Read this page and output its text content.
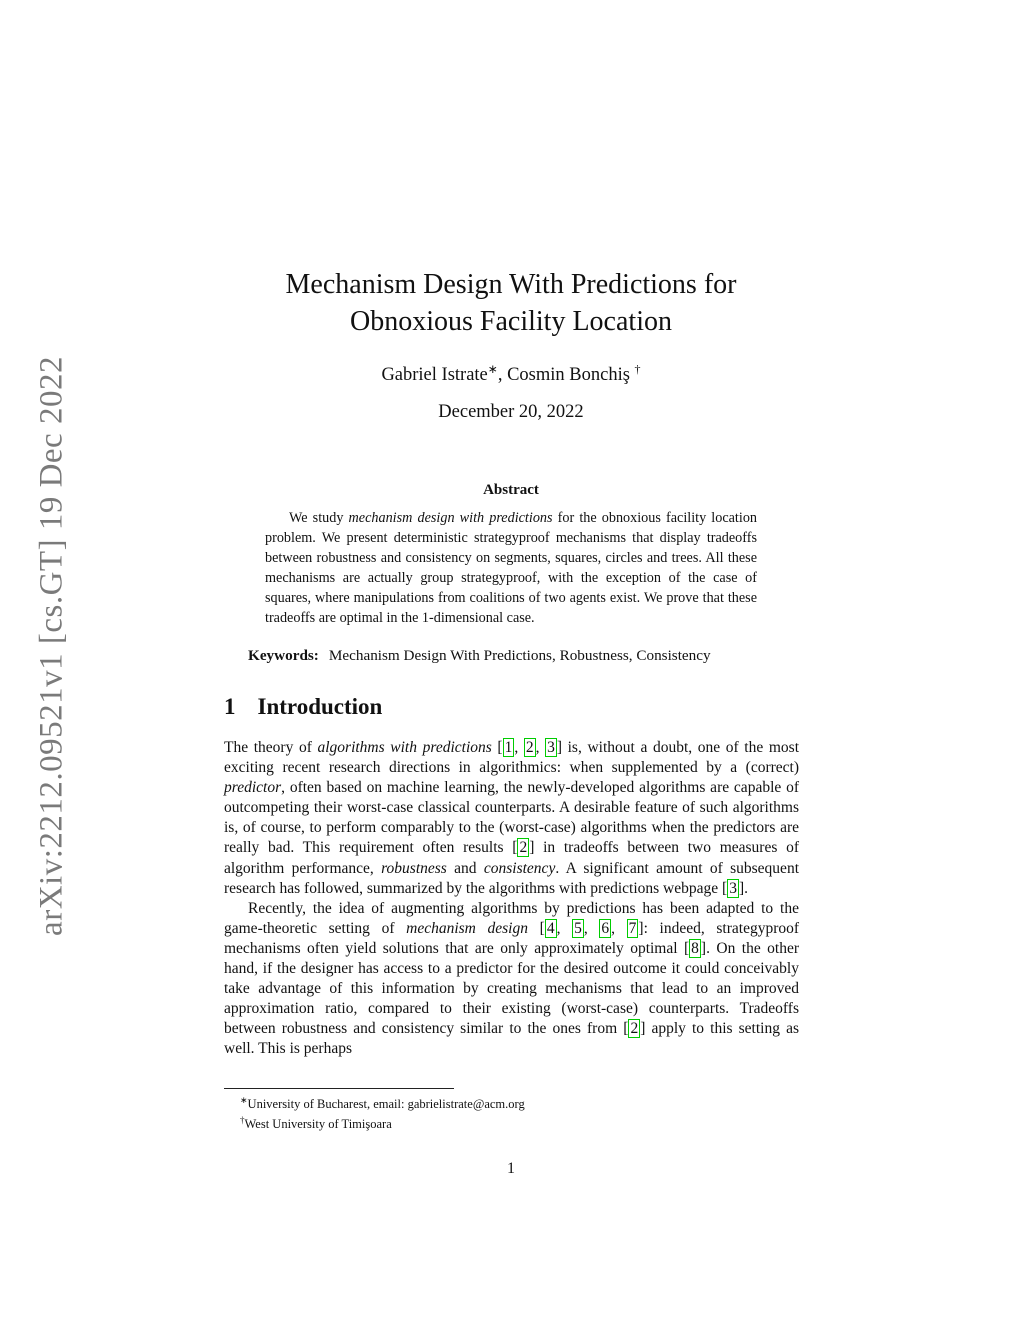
arXiv:2212.09521v1 [cs.GT] 19 Dec 2022
Mechanism Design With Predictions for
Obnoxious Facility Location
Gabriel Istrate∗, Cosmin Bonchiş †
December 20, 2022
Abstract

We study mechanism design with predictions for the obnoxious facility location problem. We present deterministic strategyproof mechanisms that display tradeoffs between robustness and consistency on segments, squares, circles and trees. All these mechanisms are actually group strategyproof, with the exception of the case of squares, where manipulations from coalitions of two agents exist. We prove that these tradeoffs are optimal in the 1-dimensional case.

Keywords: Mechanism Design With Predictions, Robustness, Consistency
1 Introduction

The theory of algorithms with predictions [ 1 , 2 , 3 ] is, without a doubt, one of the most exciting recent research directions in algorithmics: when supplemented by a (correct) predictor, often based on machine learning, the newly-developed algorithms are capable of outcompeting their worst-case classical counterparts. A desirable feature of such algorithms is, of course, to perform comparably to the (worst-case) algorithms when the predictors are really bad. This requirement often results [ 2 ] in tradeoffs between two measures of algorithm performance, robustness and consistency. A significant amount of subsequent research has followed, summarized by the algorithms with predictions webpage [ 3 ].

Recently, the idea of augmenting algorithms by predictions has been adapted to the game-theoretic setting of mechanism design [ 4 , 5 , 6 , 7 ]: indeed, strategyproof mechanisms often yield solutions that are only approximately optimal [ 8 ]. On the other hand, if the designer has access to a predictor for the desired outcome it could conceivably take advantage of this information by creating mechanisms that lead to an improved approximation ratio, compared to their existing (worst-case) counterparts. Tradeoffs between robustness and consistency similar to the ones from [ 2 ] apply to this setting as well. This is perhaps

∗University of Bucharest, email: gabrielistrate@acm.org
†West University of Timişoara
1
